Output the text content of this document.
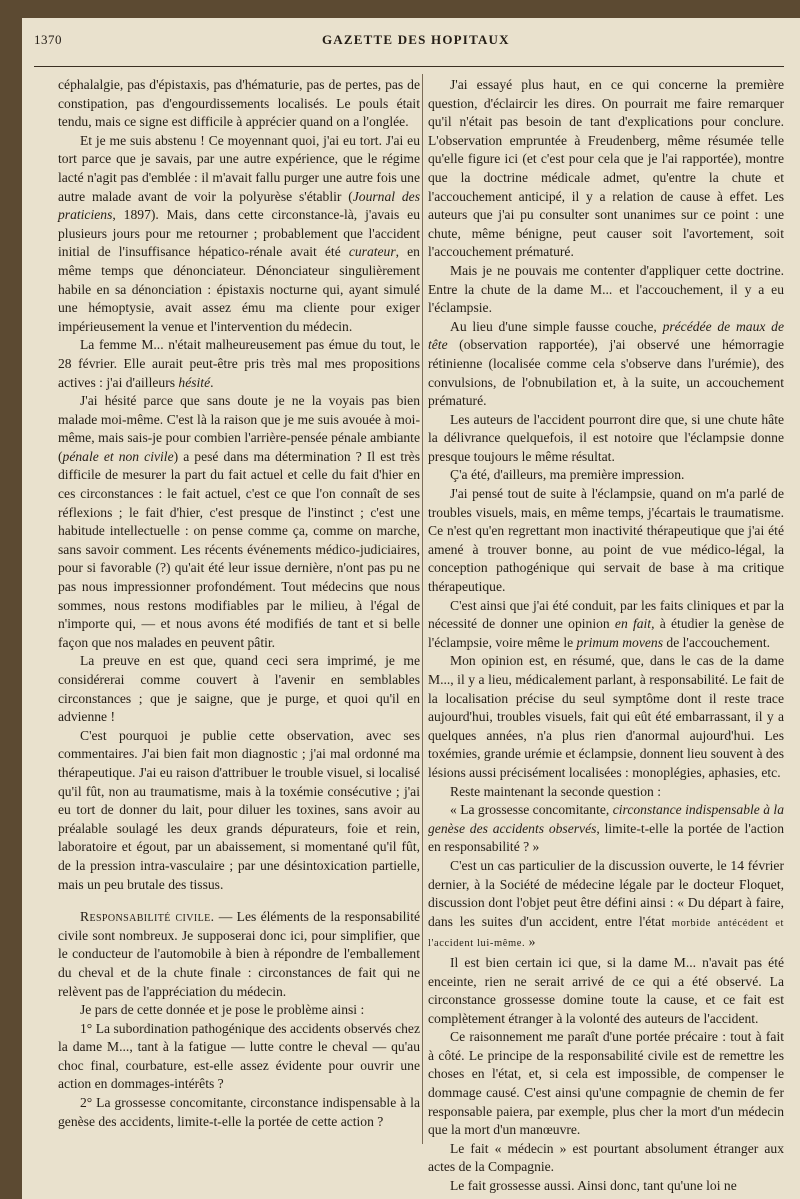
1370	GAZETTE DES HOPITAUX

céphalalgie, pas d'épistaxis, pas d'hématurie, pas de pertes, pas de constipation, pas d'engourdissements localisés. Le pouls était tendu, mais ce signe est difficile à apprécier quand on a l'onglée.

Et je me suis abstenu ! Ce moyennant quoi, j'ai eu tort. J'ai eu tort parce que je savais, par une autre expérience, que le régime lacté n'agit pas d'emblée : il m'avait fallu purger une autre fois une autre malade avant de voir la polyurèse s'établir (Journal des praticiens, 1897). Mais, dans cette circonstance-là, j'avais eu plusieurs jours pour me retourner ; probablement que l'accident initial de l'insuffisance hépatico-rénale avait été curateur, en même temps que dénonciateur. Dénonciateur singulièrement habile en sa dénonciation : épistaxis nocturne qui, ayant simulé une hémoptysie, avait assez ému ma cliente pour exiger impérieusement la venue et l'intervention du médecin.

La femme M... n'était malheureusement pas émue du tout, le 28 février. Elle aurait peut-être pris très mal mes propositions actives : j'ai d'ailleurs hésité.

J'ai hésité parce que sans doute je ne la voyais pas bien malade moi-même. C'est là la raison que je me suis avouée à moi-même, mais sais-je pour combien l'arrière-pensée pénale ambiante (pénale et non civile) a pesé dans ma détermination ? Il est très difficile de mesurer la part du fait actuel et celle du fait d'hier en ces circonstances : le fait actuel, c'est ce que l'on connaît de ses réflexions ; le fait d'hier, c'est presque de l'instinct ; c'est une habitude intellectuelle : on pense comme ça, comme on marche, sans savoir comment. Les récents événements médico-judiciaires, pour si favorable (?) qu'ait été leur issue dernière, n'ont pas pu ne pas nous impressionner profondément. Tout médecins que nous sommes, nous restons modifiables par le milieu, à l'égal de n'importe qui, — et nous avons été modifiés de tant et si belle façon que nos malades en peuvent pâtir.

La preuve en est que, quand ceci sera imprimé, je me considérerai comme couvert à l'avenir en semblables circonstances ; que je saigne, que je purge, et quoi qu'il en advienne !

C'est pourquoi je publie cette observation, avec ses commentaires. J'ai bien fait mon diagnostic ; j'ai mal ordonné ma thérapeutique. J'ai eu raison d'attribuer le trouble visuel, si localisé qu'il fût, non au traumatisme, mais à la toxémie consécutive ; j'ai eu tort de donner du lait, pour diluer les toxines, sans avoir au préalable soulagé les deux grands dépurateurs, foie et rein, laboratoire et égout, par un abaissement, si momentané qu'il fût, de la pression intra-vasculaire ; par une désintoxication partielle, mais un peu brutale des tissus.

Responsabilité civile. — Les éléments de la responsabilité civile sont nombreux. Je supposerai donc ici, pour simplifier, que le conducteur de l'automobile à bien à répondre de l'emballement du cheval et de la chute finale : circonstances de fait qui ne relèvent pas de l'appréciation du médecin.

Je pars de cette donnée et je pose le problème ainsi :

1° La subordination pathogénique des accidents observés chez la dame M..., tant à la fatigue — lutte contre le cheval — qu'au choc final, courbature, est-elle assez évidente pour ouvrir une action en dommages-intérêts ?

2° La grossesse concomitante, circonstance indispensable à la genèse des accidents, limite-t-elle la portée de cette action ?

J'ai essayé plus haut, en ce qui concerne la première question, d'éclaircir les dires. On pourrait me faire remarquer qu'il n'était pas besoin de tant d'explications pour conclure. L'observation empruntée à Freudenberg, même résumée telle qu'elle figure ici (et c'est pour cela que je l'ai rapportée), montre que la doctrine médicale admet, qu'entre la chute et l'accouchement anticipé, il y a relation de cause à effet. Les auteurs que j'ai pu consulter sont unanimes sur ce point : une chute, même bénigne, peut causer soit l'avortement, soit l'accouchement prématuré.

Mais je ne pouvais me contenter d'appliquer cette doctrine. Entre la chute de la dame M... et l'accouchement, il y a eu l'éclampsie.

Au lieu d'une simple fausse couche, précédée de maux de tête (observation rapportée), j'ai observé une hémorragie rétinienne (localisée comme cela s'observe dans l'urémie), des convulsions, de l'obnubilation et, à la suite, un accouchement prématuré.

Les auteurs de l'accident pourront dire que, si une chute hâte la délivrance quelquefois, il est notoire que l'éclampsie donne presque toujours le même résultat.

Ç'a été, d'ailleurs, ma première impression.

J'ai pensé tout de suite à l'éclampsie, quand on m'a parlé de troubles visuels, mais, en même temps, j'écartais le traumatisme. Ce n'est qu'en regrettant mon inactivité thérapeutique que j'ai été amené à trouver bonne, au point de vue médico-légal, la conception pathogénique qui servait de base à ma critique thérapeutique.

C'est ainsi que j'ai été conduit, par les faits cliniques et par la nécessité de donner une opinion en fait, à étudier la genèse de l'éclampsie, voire même le primum movens de l'accouchement.

Mon opinion est, en résumé, que, dans le cas de la dame M..., il y a lieu, médicalement parlant, à responsabilité. Le fait de la localisation précise du seul symptôme dont il reste trace aujourd'hui, troubles visuels, fait qui eût été embarrassant, il y a quelques années, n'a plus rien d'anormal aujourd'hui. Les toxémies, grande urémie et éclampsie, donnent lieu souvent à des lésions aussi précisément localisées : monoplégies, aphasies, etc.

Reste maintenant la seconde question :

« La grossesse concomitante, circonstance indispensable à la genèse des accidents observés, limite-t-elle la portée de l'action en responsabilité ? »

C'est un cas particulier de la discussion ouverte, le 14 février dernier, à la Société de médecine légale par le docteur Floquet, discussion dont l'objet peut être défini ainsi : « Du départ à faire, dans les suites d'un accident, entre l'état morbide antécédent et l'accident lui-même. »

Il est bien certain ici que, si la dame M... n'avait pas été enceinte, rien ne serait arrivé de ce qui a été observé. La circonstance grossesse domine toute la cause, et ce fait est complètement étranger à la volonté des auteurs de l'accident.

Ce raisonnement me paraît d'une portée précaire : tout à fait à côté. Le principe de la responsabilité civile est de remettre les choses en l'état, et, si cela est impossible, de compenser le dommage causé. C'est ainsi qu'une compagnie de chemin de fer responsable paiera, par exemple, plus cher la mort d'un médecin que la mort d'un manœuvre.

Le fait « médecin » est pourtant absolument étranger aux actes de la Compagnie.

Le fait grossesse aussi. Ainsi donc, tant qu'une loi ne
